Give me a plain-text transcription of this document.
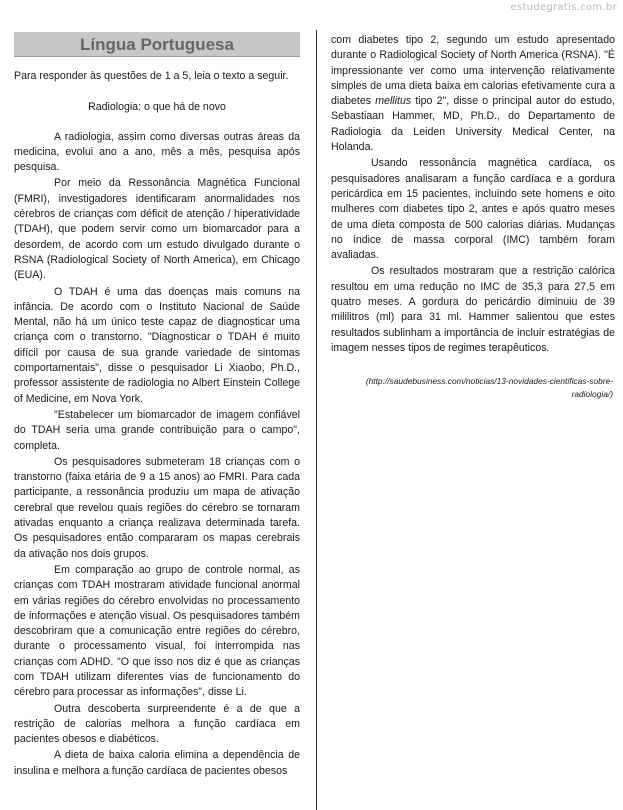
estudegratis.com.br
Língua Portuguesa
Para responder às questões de 1 a 5, leia o texto a seguir.
Radiologia: o que há de novo

A radiologia, assim como diversas outras áreas da medicina, evolui ano a ano, mês a mês, pesquisa após pesquisa.

Por meio da Ressonância Magnética Funcional (FMRI), investigadores identificaram anormalidades nos cérebros de crianças com déficit de atenção / hiperatividade (TDAH), que podem servir como um biomarcador para a desordem, de acordo com um estudo divulgado durante o RSNA (Radiological Society of North America), em Chicago (EUA).

O TDAH é uma das doenças mais comuns na infância. De acordo com o Instituto Nacional de Saúde Mental, não há um único teste capaz de diagnosticar uma criança com o transtorno. "Diagnosticar o TDAH é muito difícil por causa de sua grande variedade de sintomas comportamentais", disse o pesquisador Li Xiaobo, Ph.D., professor assistente de radiologia no Albert Einstein College of Medicine, em Nova York.

"Estabelecer um biomarcador de imagem confiável do TDAH seria uma grande contribuição para o campo", completa.

Os pesquisadores submeteram 18 crianças com o transtorno (faixa etária de 9 a 15 anos) ao FMRI. Para cada participante, a ressonância produziu um mapa de ativação cerebral que revelou quais regiões do cérebro se tornaram ativadas enquanto a criança realizava determinada tarefa. Os pesquisadores então compararam os mapas cerebrais da ativação nos dois grupos.

Em comparação ao grupo de controle normal, as crianças com TDAH mostraram atividade funcional anormal em várias regiões do cérebro envolvidas no processamento de informações e atenção visual. Os pesquisadores também descobriram que a comunicação entre regiões do cérebro, durante o processamento visual, foi interrompida nas crianças com ADHD. "O que isso nos diz é que as crianças com TDAH utilizam diferentes vias de funcionamento do cérebro para processar as informações", disse Li.

Outra descoberta surpreendente é a de que a restrição de calorias melhora a função cardíaca em pacientes obesos e diabéticos.

A dieta de baixa caloria elimina a dependência de insulina e melhora a função cardíaca de pacientes obesos

com diabetes tipo 2, segundo um estudo apresentado durante o Radiological Society of North America (RSNA). "É impressionante ver como uma intervenção relativamente simples de uma dieta baixa em calorias efetivamente cura a diabetes mellitus tipo 2", disse o principal autor do estudo, Sebastiaan Hammer, MD, Ph.D., do Departamento de Radiologia da Leiden University Medical Center, na Holanda.

Usando ressonância magnética cardíaca, os pesquisadores analisaram a função cardíaca e a gordura pericárdica em 15 pacientes, incluindo sete homens e oito mulheres com diabetes tipo 2, antes e após quatro meses de uma dieta composta de 500 calorias diárias. Mudanças no índice de massa corporal (IMC) também foram avaliadas.

Os resultados mostraram que a restrição calórica resultou em uma redução no IMC de 35,3 para 27,5 em quatro meses. A gordura do pericárdio diminuiu de 39 mililitros (ml) para 31 ml. Hammer salientou que estes resultados sublinham a importância de incluir estratégias de imagem nesses tipos de regimes terapêuticos.

(http://saudebusiness.com/noticias/13-novidades-cientificas-sobre-radiologia/)
